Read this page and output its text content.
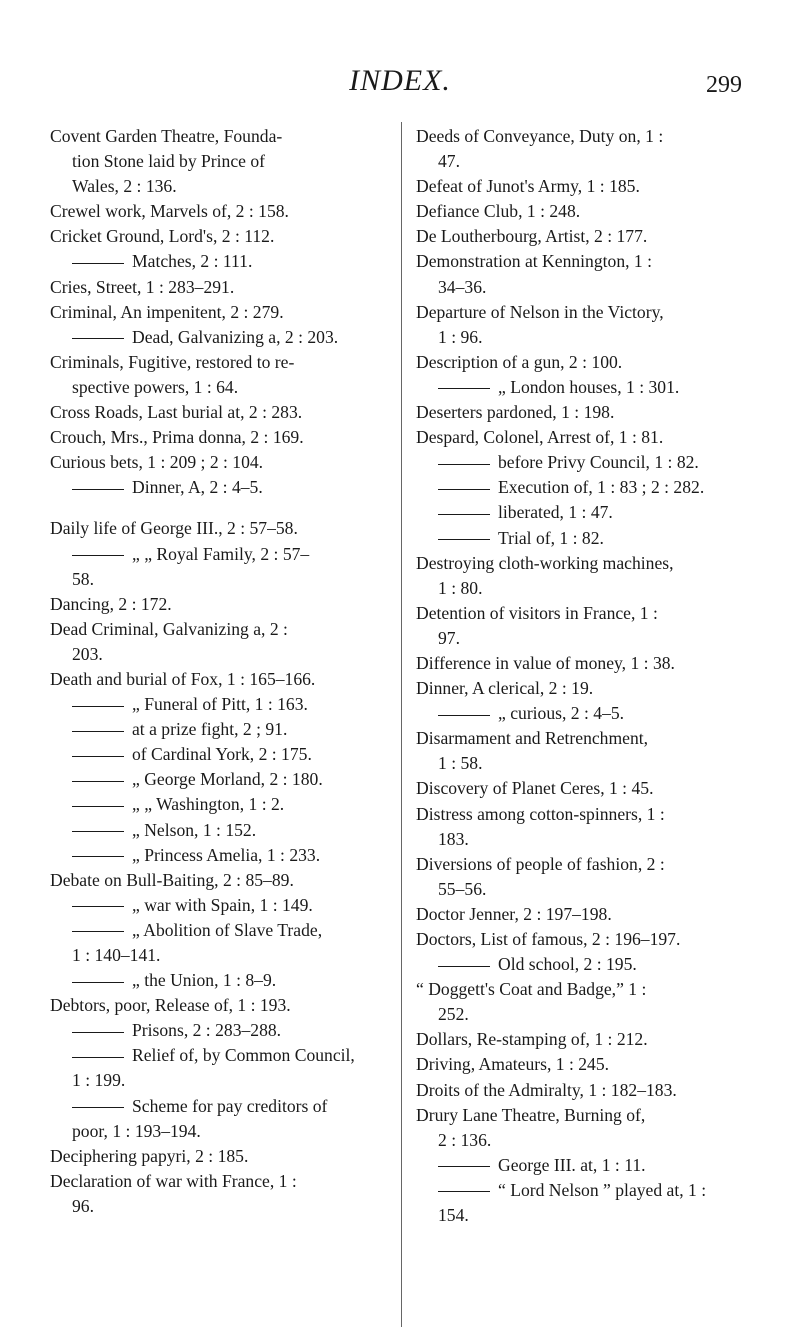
INDEX.	299
Covent Garden Theatre, Founda-
tion Stone laid by Prince of
Wales, 2 : 136.
Crewel work, Marvels of, 2 : 158.
Cricket Ground, Lord's, 2 : 112.
Matches, 2 : 111.
Cries, Street, 1 : 283–291.
Criminal, An impenitent, 2 : 279.
Dead, Galvanizing a, 2 : 203.
Criminals, Fugitive, restored to re-
spective powers, 1 : 64.
Cross Roads, Last burial at, 2 : 283.
Crouch, Mrs., Prima donna, 2 : 169.
Curious bets, 1 : 209 ; 2 : 104.
Dinner, A, 2 : 4–5.
Daily life of George III., 2 : 57–58.
„ „ Royal Family, 2 : 57–
58.
Dancing, 2 : 172.
Dead Criminal, Galvanizing a, 2 :
203.
Death and burial of Fox, 1 : 165–166.
„ Funeral of Pitt, 1 : 163.
at a prize fight, 2 ; 91.
of Cardinal York, 2 : 175.
„ George Morland, 2 : 180.
„ „ Washington, 1 : 2.
„ Nelson, 1 : 152.
„ Princess Amelia, 1 : 233.
Debate on Bull-Baiting, 2 : 85–89.
„ war with Spain, 1 : 149.
„ Abolition of Slave Trade,
1 : 140–141.
„ the Union, 1 : 8–9.
Debtors, poor, Release of, 1 : 193.
Prisons, 2 : 283–288.
Relief of, by Common Council,
1 : 199.
Scheme for pay creditors of
poor, 1 : 193–194.
Deciphering papyri, 2 : 185.
Declaration of war with France, 1 :
96.
Deeds of Conveyance, Duty on, 1 :
47.
Defeat of Junot's Army, 1 : 185.
Defiance Club, 1 : 248.
De Loutherbourg, Artist, 2 : 177.
Demonstration at Kennington, 1 :
34–36.
Departure of Nelson in the Victory,
1 : 96.
Description of a gun, 2 : 100.
„ London houses, 1 : 301.
Deserters pardoned, 1 : 198.
Despard, Colonel, Arrest of, 1 : 81.
before Privy Council, 1 : 82.
Execution of, 1 : 83 ; 2 : 282.
liberated, 1 : 47.
Trial of, 1 : 82.
Destroying cloth-working machines,
1 : 80.
Detention of visitors in France, 1 :
97.
Difference in value of money, 1 : 38.
Dinner, A clerical, 2 : 19.
„ curious, 2 : 4–5.
Disarmament and Retrenchment,
1 : 58.
Discovery of Planet Ceres, 1 : 45.
Distress among cotton-spinners, 1 :
183.
Diversions of people of fashion, 2 :
55–56.
Doctor Jenner, 2 : 197–198.
Doctors, List of famous, 2 : 196–197.
Old school, 2 : 195.
“ Doggett's Coat and Badge,” 1 :
252.
Dollars, Re-stamping of, 1 : 212.
Driving, Amateurs, 1 : 245.
Droits of the Admiralty, 1 : 182–183.
Drury Lane Theatre, Burning of,
2 : 136.
George III. at, 1 : 11.
“ Lord Nelson ” played at, 1 :
154.
